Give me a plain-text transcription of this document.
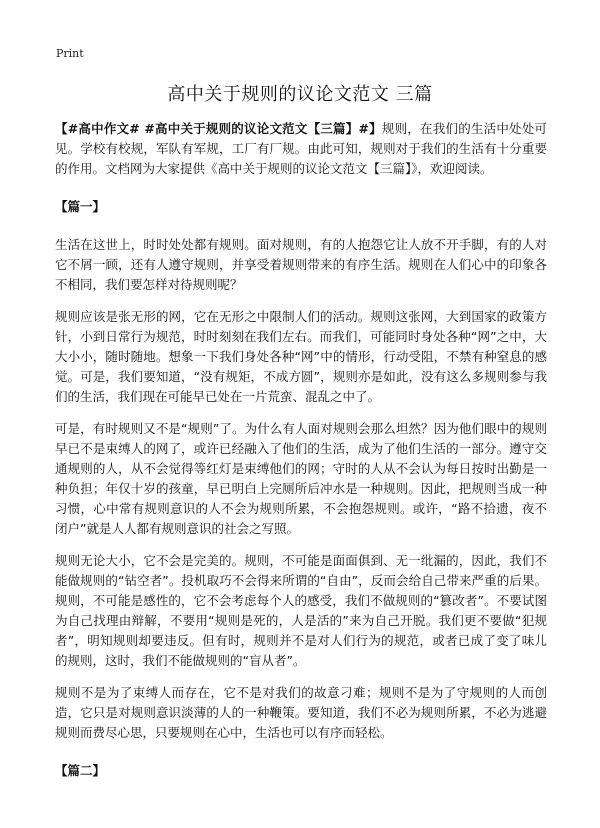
Print
高中关于规则的议论文范文 三篇

【#高中作文# #高中关于规则的议论文范文【三篇】#】规则，在我们的生活中处处可见。学校有校规，军队有军规，工厂有厂规。由此可知，规则对于我们的生活有十分重要的作用。文档网为大家提供《高中关于规则的议论文范文【三篇】》，欢迎阅读。

【篇一】

生活在这世上，时时处处都有规则。面对规则，有的人抱怨它让人放不开手脚，有的人对它不屑一顾，还有人遵守规则，并享受着规则带来的有序生活。规则在人们心中的印象各不相同，我们要怎样对待规则呢？

规则应该是张无形的网，它在无形之中限制人们的活动。规则这张网，大到国家的政策方针，小到日常行为规范，时时刻刻在我们左右。而我们，可能同时身处各种“网”之中，大大小小，随时随地。想象一下我们身处各种“网”中的情形，行动受阻，不禁有种窒息的感觉。可是，我们要知道，“没有规矩，不成方圆”，规则亦是如此，没有这么多规则参与我们的生活，我们现在可能早已处在一片荒蛮、混乱之中了。

可是，有时规则又不是“规则”了。为什么有人面对规则会那么坦然？因为他们眼中的规则早已不是束缚人的网了，或许已经融入了他们的生活，成为了他们生活的一部分。遵守交通规则的人，从不会觉得等红灯是束缚他们的网；守时的人从不会认为每日按时出勤是一种负担；年仅十岁的孩童，早已明白上完厕所后冲水是一种规则。因此，把规则当成一种习惯，心中常有规则意识的人不会为规则所累，不会抱怨规则。或许，“路不拾遗，夜不闭户”就是人人都有规则意识的社会之写照。

规则无论大小，它不会是完美的。规则，不可能是面面俱到、无一纰漏的，因此，我们不能做规则的“钻空者”。投机取巧不会得来所谓的“自由”，反而会给自己带来严重的后果。规则，不可能是感性的，它不会考虑每个人的感受，我们不做规则的“篡改者”。不要试图为自己找理由辩解，不要用“规则是死的，人是活的”来为自己开脱。我们更不要做“犯规者”，明知规则却要违反。但有时，规则并不是对人们行为的规范，或者已成了变了味儿的规则，这时，我们不能做规则的“盲从者”。

规则不是为了束缚人而存在，它不是对我们的故意刁难；规则不是为了守规则的人而创造，它只是对规则意识淡薄的人的一种鞭策。要知道，我们不必为规则所累，不必为逃避规则而费尽心思，只要规则在心中，生活也可以有序而轻松。

【篇二】
